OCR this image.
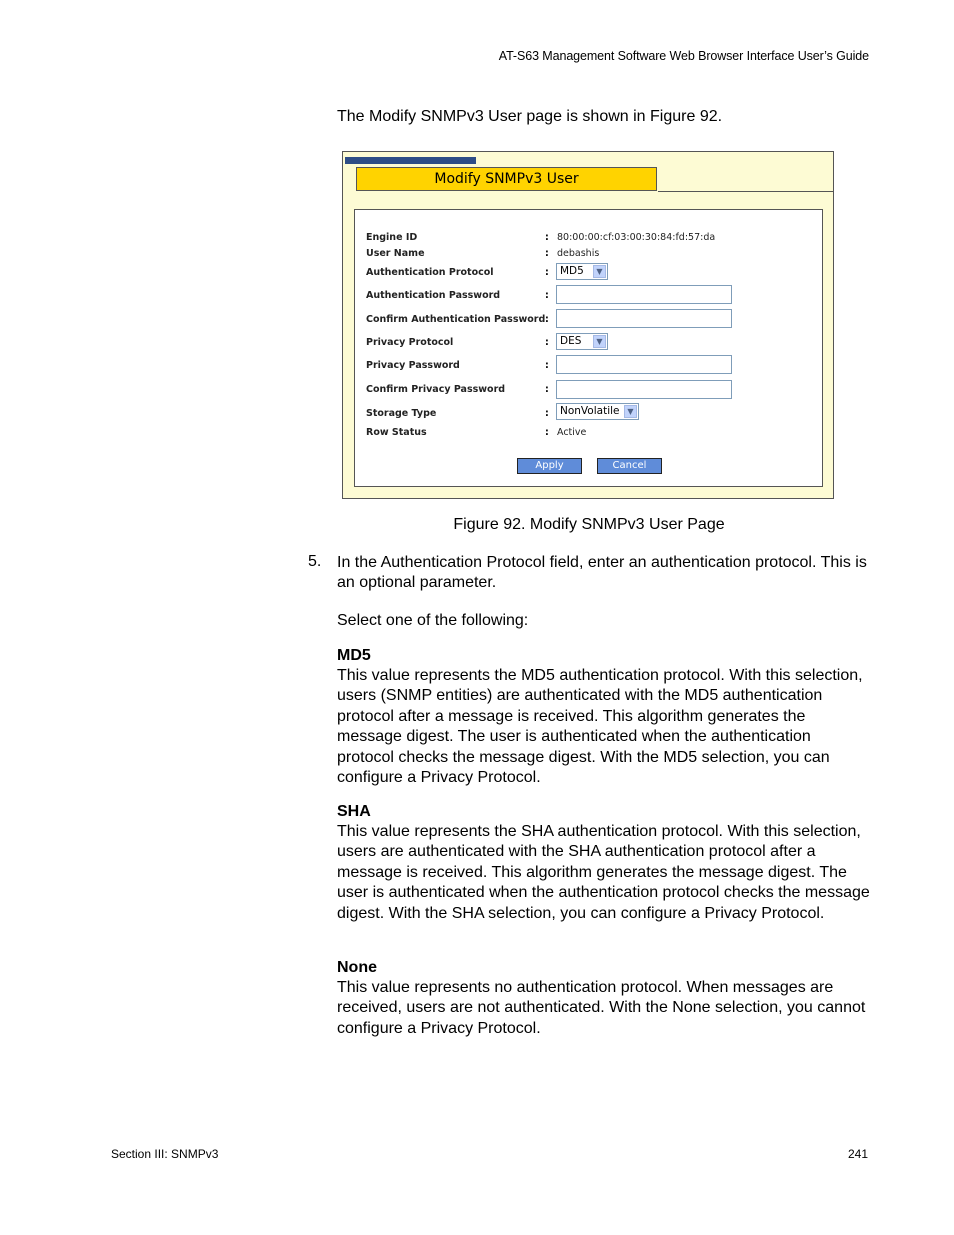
AT-S63 Management Software Web Browser Interface User’s Guide
The Modify SNMPv3 User page is shown in Figure 92.
Modify SNMPv3 User
Engine ID	: 80:00:00:cf:03:00:30:84:fd:57:da
User Name	: debashis
Authentication Protocol	:	MD5	▼
Authentication Password	:
Confirm Authentication Password :
Privacy Protocol	:	DES	▼
Privacy Password	:
Confirm Privacy Password	:
Storage Type	:	NonVolatile ▼
Row Status	: Active
Apply	Cancel
Figure 92. Modify SNMPv3 User Page
5. In the Authentication Protocol field, enter an authentication protocol. This is an optional parameter.
Select one of the following:
MD5
This value represents the MD5 authentication protocol. With this selection, users (SNMP entities) are authenticated with the MD5 authentication protocol after a message is received. This algorithm generates the message digest. The user is authenticated when the authentication protocol checks the message digest. With the MD5 selection, you can configure a Privacy Protocol.
SHA
This value represents the SHA authentication protocol. With this selection, users are authenticated with the SHA authentication protocol after a message is received. This algorithm generates the message digest. The user is authenticated when the authentication protocol checks the message digest. With the SHA selection, you can configure a Privacy Protocol.
None
This value represents no authentication protocol. When messages are received, users are not authenticated. With the None selection, you cannot configure a Privacy Protocol.
Section III: SNMPv3	241
